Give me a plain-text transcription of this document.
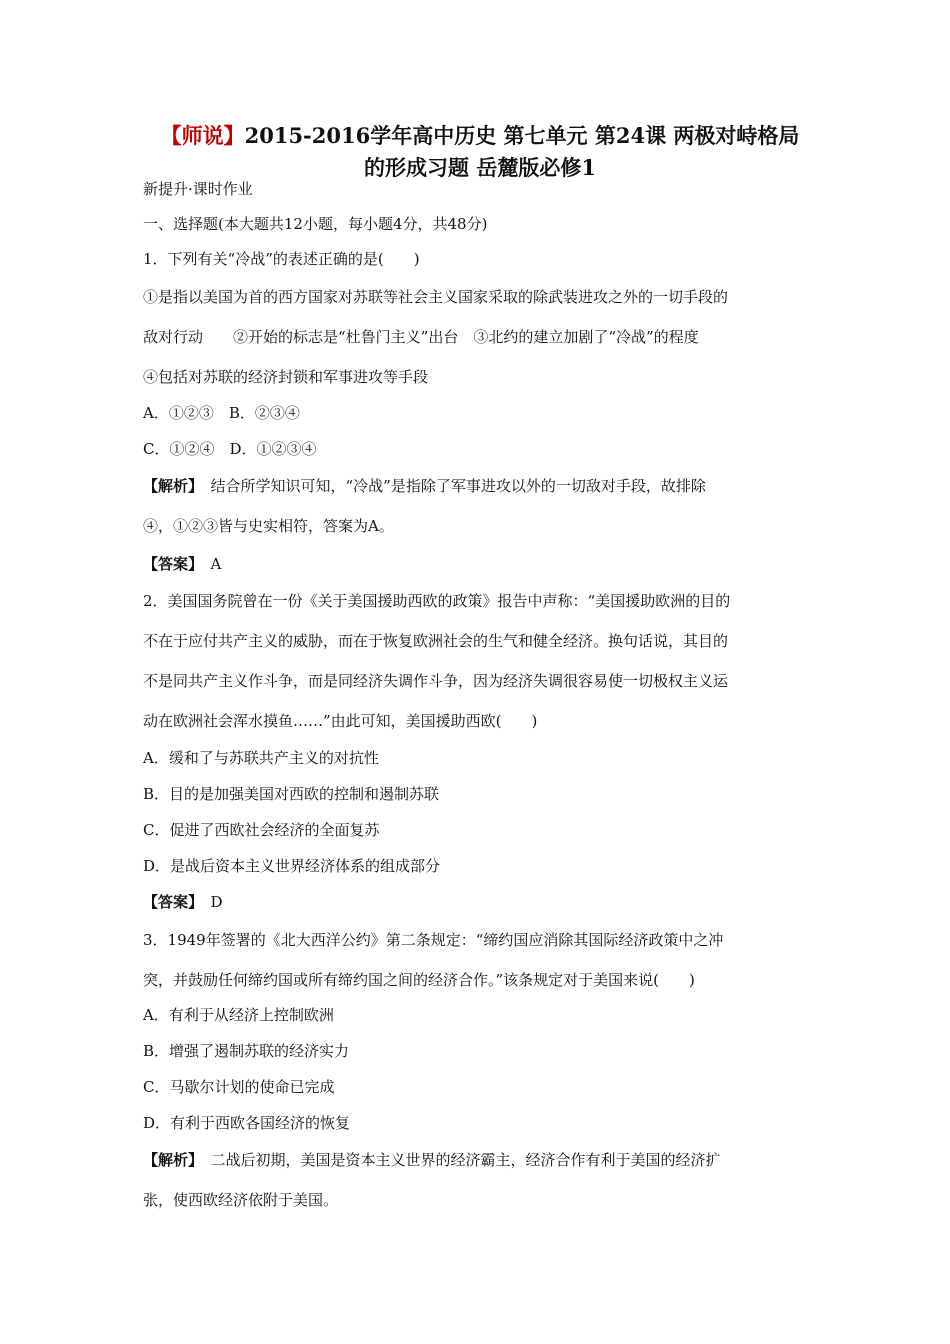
【师说】2015-2016学年高中历史 第七单元 第24课 两极对峙格局
的形成习题 岳麓版必修1
新提升·课时作业
一、选择题(本大题共12小题，每小题4分，共48分)
1．下列有关“冷战”的表述正确的是(　　)
①是指以美国为首的西方国家对苏联等社会主义国家采取的除武装进攻之外的一切手段的
敌对行动　　②开始的标志是“杜鲁门主义”出台　③北约的建立加剧了“冷战”的程度
④包括对苏联的经济封锁和军事进攻等手段
A．①②③　B．②③④
C．①②④　D．①②③④
【解析】　结合所学知识可知，“冷战”是指除了军事进攻以外的一切敌对手段，故排除
④，①②③皆与史实相符，答案为A。
【答案】　A
2．美国国务院曾在一份《关于美国援助西欧的政策》报告中声称：“美国援助欧洲的目的
不在于应付共产主义的威胁，而在于恢复欧洲社会的生气和健全经济。换句话说，其目的
不是同共产主义作斗争，而是同经济失调作斗争，因为经济失调很容易使一切极权主义运
动在欧洲社会浑水摸鱼……”由此可知，美国援助西欧(　　)
A．缓和了与苏联共产主义的对抗性
B．目的是加强美国对西欧的控制和遏制苏联
C．促进了西欧社会经济的全面复苏
D．是战后资本主义世界经济体系的组成部分
【答案】　D
3．1949年签署的《北大西洋公约》第二条规定：“缔约国应消除其国际经济政策中之冲
突，并鼓励任何缔约国或所有缔约国之间的经济合作。”该条规定对于美国来说(　　)
A．有利于从经济上控制欧洲
B．增强了遏制苏联的经济实力
C．马歇尔计划的使命已完成
D．有利于西欧各国经济的恢复
【解析】　二战后初期，美国是资本主义世界的经济霸主，经济合作有利于美国的经济扩
张，使西欧经济依附于美国。
